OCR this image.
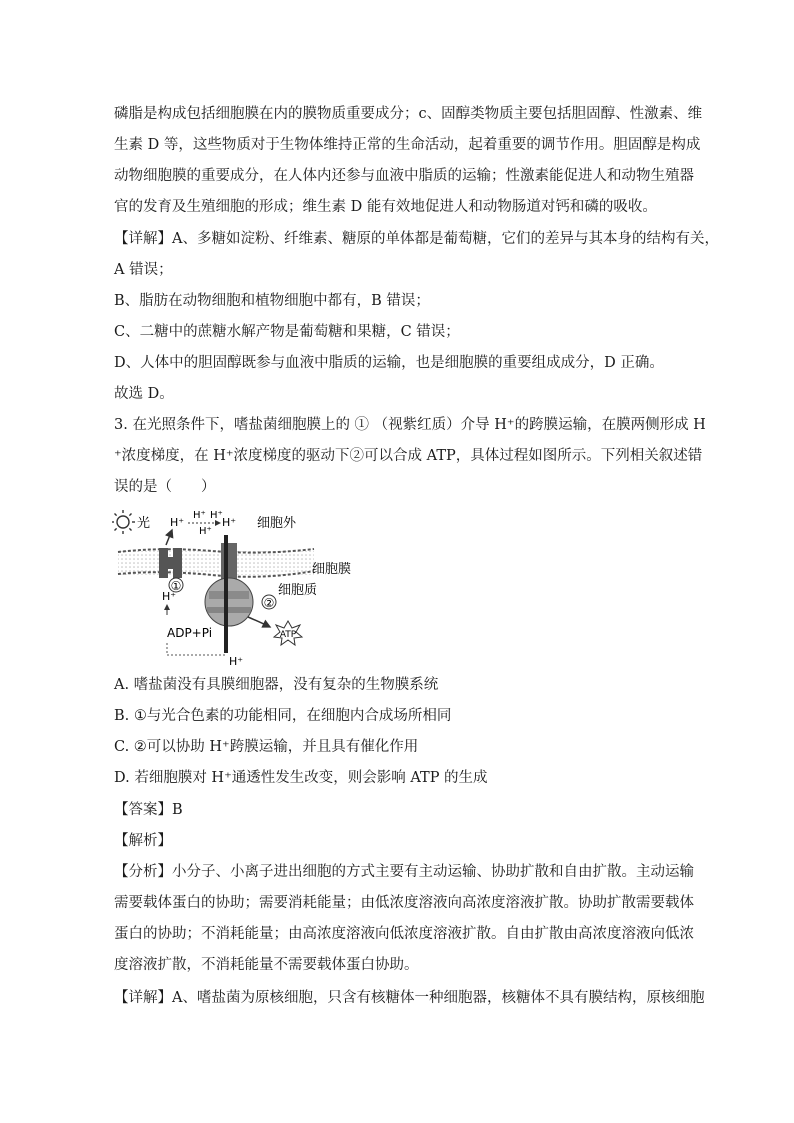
磷脂是构成包括细胞膜在内的膜物质重要成分；c、固醇类物质主要包括胆固醇、性激素、维
生素 D 等，这些物质对于生物体维持正常的生命活动，起着重要的调节作用。胆固醇是构成
动物细胞膜的重要成分，在人体内还参与血液中脂质的运输；性激素能促进人和动物生殖器
官的发育及生殖细胞的形成；维生素 D 能有效地促进人和动物肠道对钙和磷的吸收。
【详解】A、多糖如淀粉、纤维素、糖原的单体都是葡萄糖，它们的差异与其本身的结构有关，
A 错误；
B、脂肪在动物细胞和植物细胞中都有，B 错误；
C、二糖中的蔗糖水解产物是葡萄糖和果糖，C 错误；
D、人体中的胆固醇既参与血液中脂质的运输，也是细胞膜的重要组成成分，D 正确。
故选 D。
3. 在光照条件下，嗜盐菌细胞膜上的 ① （视紫红质）介导 H⁺的跨膜运输，在膜两侧形成 H
⁺浓度梯度，在 H⁺浓度梯度的驱动下②可以合成 ATP，具体过程如图所示。下列相关叙述错
误的是（　　）
光
①
②
H⁺
H⁺ H⁺
H⁺
H⁺
H⁺
细胞外
细胞膜
细胞质
ADP+Pi	ATP
H⁺
A. 嗜盐菌没有具膜细胞器，没有复杂的生物膜系统
B. ①与光合色素的功能相同，在细胞内合成场所相同
C. ②可以协助 H⁺跨膜运输，并且具有催化作用
D. 若细胞膜对 H⁺通透性发生改变，则会影响 ATP 的生成
【答案】B
【解析】
【分析】小分子、小离子进出细胞的方式主要有主动运输、协助扩散和自由扩散。主动运输
需要载体蛋白的协助；需要消耗能量；由低浓度溶液向高浓度溶液扩散。协助扩散需要载体
蛋白的协助；不消耗能量；由高浓度溶液向低浓度溶液扩散。自由扩散由高浓度溶液向低浓
度溶液扩散，不消耗能量不需要载体蛋白协助。
【详解】A、嗜盐菌为原核细胞，只含有核糖体一种细胞器，核糖体不具有膜结构，原核细胞
